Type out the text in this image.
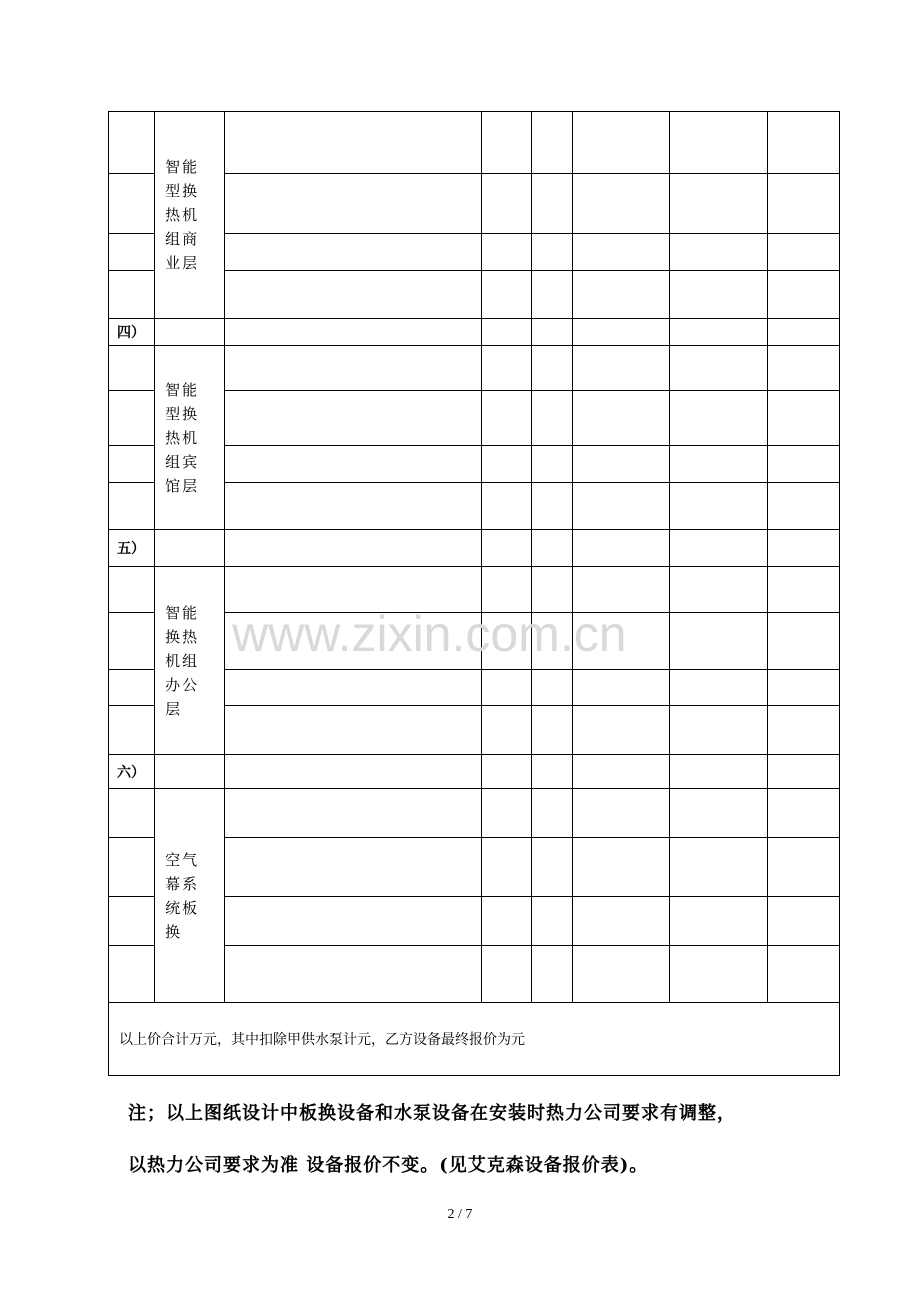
	智能型换热机组商业层						

四）							

	智能型换热机组宾馆层						

五）							

	智能换热机组办公层						

六）							

	空气幕系统板换						

以上价合计万元，其中扣除甲供水泵计元，乙方设备最终报价为元							
注；以上图纸设计中板换设备和水泵设备在安装时热力公司要求有调整，
以热力公司要求为准 设备报价不变。(见艾克森设备报价表)。
www.zixin.com.cn
2 / 7
